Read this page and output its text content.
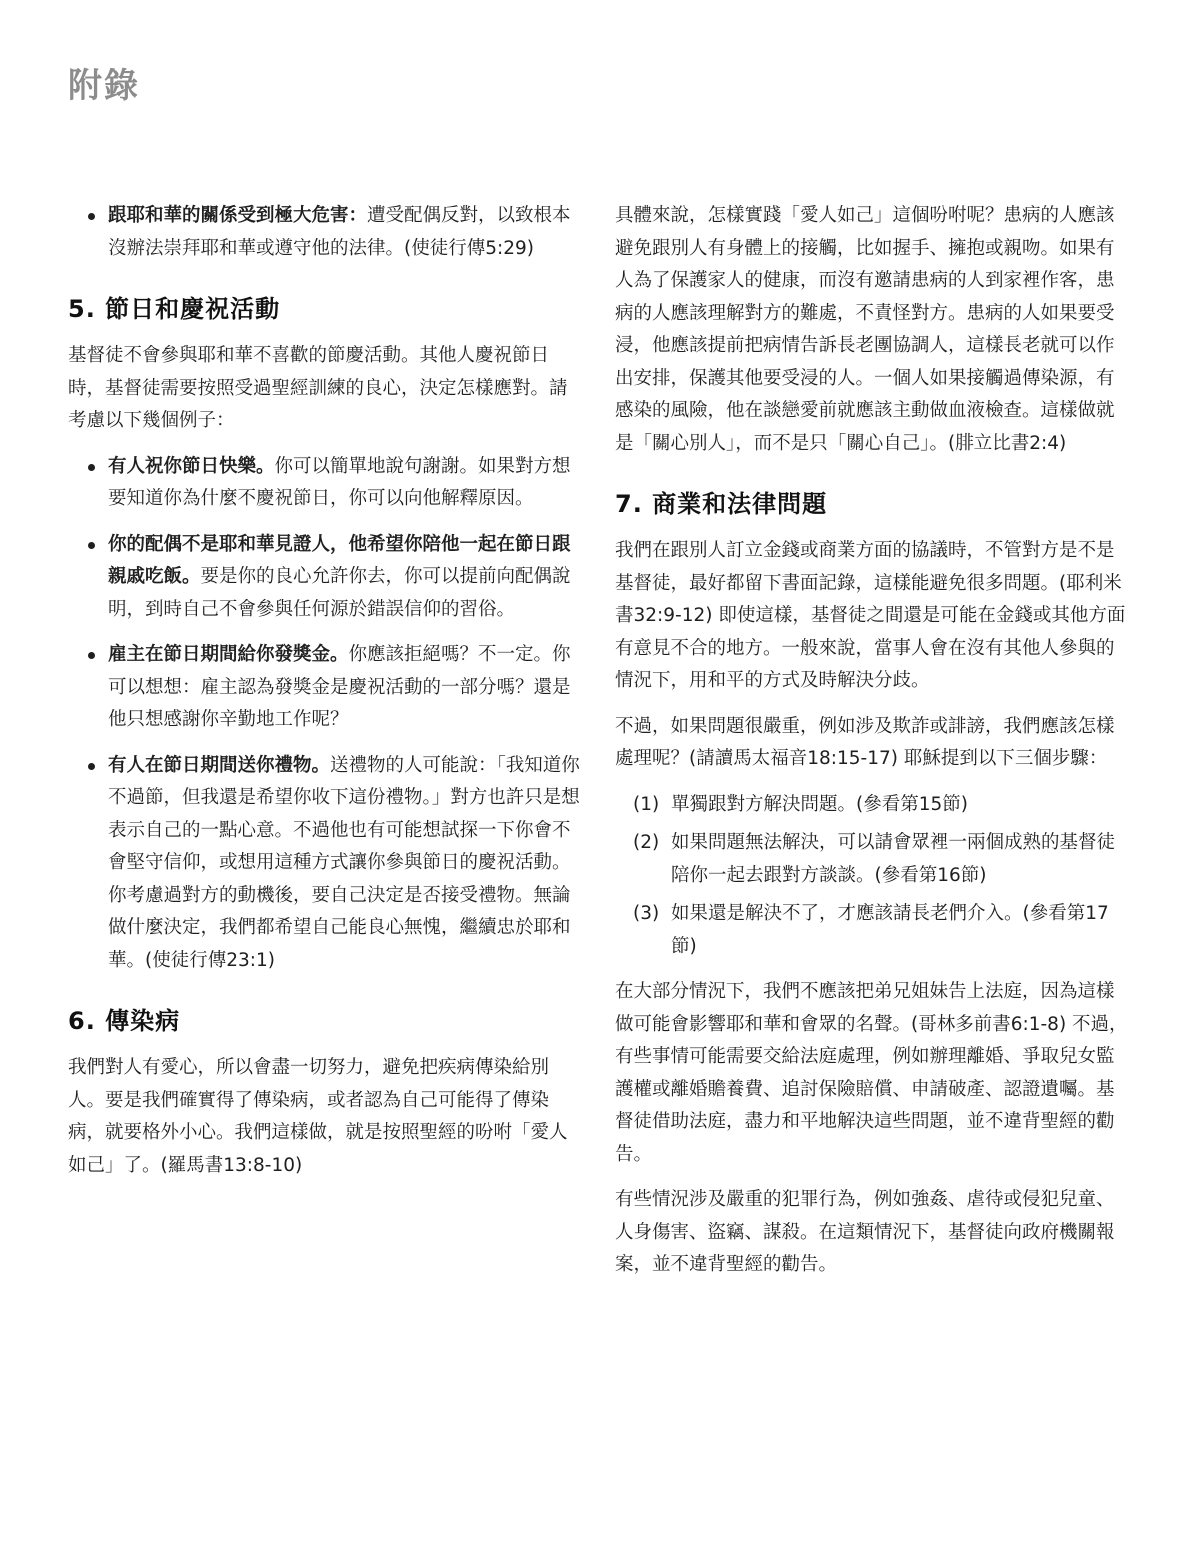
附錄

跟耶和華的關係受到極大危害：遭受配偶反對，以致根本沒辦法崇拜耶和華或遵守他的法律。(使徒行傳5:29)

5. 節日和慶祝活動

基督徒不會參與耶和華不喜歡的節慶活動。其他人慶祝節日時，基督徒需要按照受過聖經訓練的良心，決定怎樣應對。請考慮以下幾個例子：

有人祝你節日快樂。你可以簡單地說句謝謝。如果對方想要知道你為什麼不慶祝節日，你可以向他解釋原因。

你的配偶不是耶和華見證人，他希望你陪他一起在節日跟親戚吃飯。要是你的良心允許你去，你可以提前向配偶說明，到時自己不會參與任何源於錯誤信仰的習俗。

雇主在節日期間給你發獎金。你應該拒絕嗎？不一定。你可以想想：雇主認為發獎金是慶祝活動的一部分嗎？還是他只想感謝你辛勤地工作呢？

有人在節日期間送你禮物。送禮物的人可能說：「我知道你不過節，但我還是希望你收下這份禮物。」對方也許只是想表示自己的一點心意。不過他也有可能想試探一下你會不會堅守信仰，或想用這種方式讓你參與節日的慶祝活動。你考慮過對方的動機後，要自己決定是否接受禮物。無論做什麼決定，我們都希望自己能良心無愧，繼續忠於耶和華。(使徒行傳23:1)

6. 傳染病

我們對人有愛心，所以會盡一切努力，避免把疾病傳染給別人。要是我們確實得了傳染病，或者認為自己可能得了傳染病，就要格外小心。我們這樣做，就是按照聖經的吩咐「愛人如己」了。(羅馬書13:8-10)

具體來說，怎樣實踐「愛人如己」這個吩咐呢？患病的人應該避免跟別人有身體上的接觸，比如握手、擁抱或親吻。如果有人為了保護家人的健康，而沒有邀請患病的人到家裡作客，患病的人應該理解對方的難處，不責怪對方。患病的人如果要受浸，他應該提前把病情告訴長老團協調人，這樣長老就可以作出安排，保護其他要受浸的人。一個人如果接觸過傳染源，有感染的風險，他在談戀愛前就應該主動做血液檢查。這樣做就是「關心別人」，而不是只「關心自己」。(腓立比書2:4)

7. 商業和法律問題

我們在跟別人訂立金錢或商業方面的協議時，不管對方是不是基督徒，最好都留下書面記錄，這樣能避免很多問題。(耶利米書32:9-12) 即使這樣，基督徒之間還是可能在金錢或其他方面有意見不合的地方。一般來說，當事人會在沒有其他人參與的情況下，用和平的方式及時解決分歧。

不過，如果問題很嚴重，例如涉及欺詐或誹謗，我們應該怎樣處理呢？(請讀馬太福音18:15-17) 耶穌提到以下三個步驟：

(1) 單獨跟對方解決問題。(參看第15節)

(2) 如果問題無法解決，可以請會眾裡一兩個成熟的基督徒陪你一起去跟對方談談。(參看第16節)

(3) 如果還是解決不了，才應該請長老們介入。(參看第17節)

在大部分情況下，我們不應該把弟兄姐妹告上法庭，因為這樣做可能會影響耶和華和會眾的名聲。(哥林多前書6:1-8) 不過，有些事情可能需要交給法庭處理，例如辦理離婚、爭取兒女監護權或離婚贍養費、追討保險賠償、申請破產、認證遺囑。基督徒借助法庭，盡力和平地解決這些問題，並不違背聖經的勸告。

有些情況涉及嚴重的犯罪行為，例如強姦、虐待或侵犯兒童、人身傷害、盜竊、謀殺。在這類情況下，基督徒向政府機關報案，並不違背聖經的勸告。
